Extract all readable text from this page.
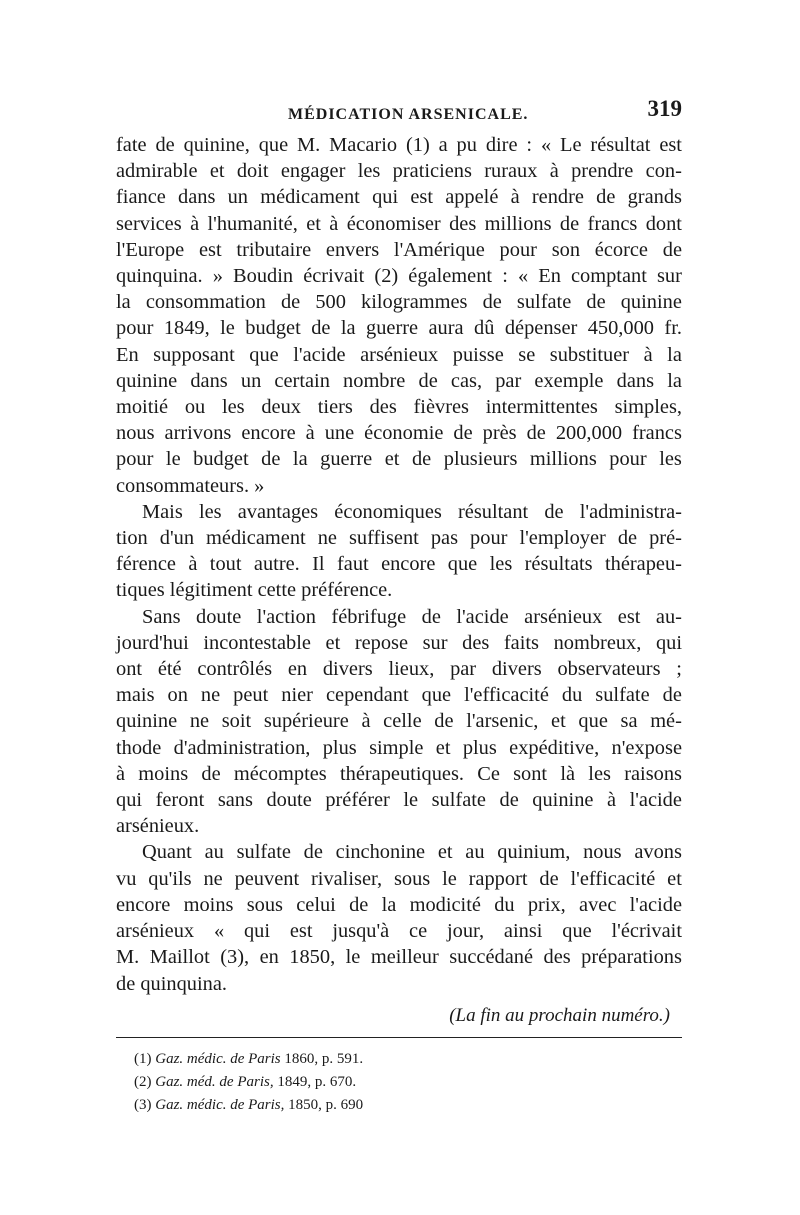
MÉDICATION ARSENICALE.	319

fate de quinine, que M. Macario (1) a pu dire : « Le résultat est
admirable et doit engager les praticiens ruraux à prendre con-
fiance dans un médicament qui est appelé à rendre de grands
services à l'humanité, et à économiser des millions de francs dont
l'Europe est tributaire envers l'Amérique pour son écorce de
quinquina. » Boudin écrivait (2) également : « En comptant sur
la consommation de 500 kilogrammes de sulfate de quinine
pour 1849, le budget de la guerre aura dû dépenser 450,000 fr.
En supposant que l'acide arsénieux puisse se substituer à la
quinine dans un certain nombre de cas, par exemple dans la
moitié ou les deux tiers des fièvres intermittentes simples,
nous arrivons encore à une économie de près de 200,000 francs
pour le budget de la guerre et de plusieurs millions pour les
consommateurs. »

Mais les avantages économiques résultant de l'administra-
tion d'un médicament ne suffisent pas pour l'employer de pré-
férence à tout autre. Il faut encore que les résultats thérapeu-
tiques légitiment cette préférence.

Sans doute l'action fébrifuge de l'acide arsénieux est au-
jourd'hui incontestable et repose sur des faits nombreux, qui
ont été contrôlés en divers lieux, par divers observateurs ;
mais on ne peut nier cependant que l'efficacité du sulfate de
quinine ne soit supérieure à celle de l'arsenic, et que sa mé-
thode d'administration, plus simple et plus expéditive, n'expose
à moins de mécomptes thérapeutiques. Ce sont là les raisons
qui feront sans doute préférer le sulfate de quinine à l'acide
arsénieux.

Quant au sulfate de cinchonine et au quinium, nous avons
vu qu'ils ne peuvent rivaliser, sous le rapport de l'efficacité et
encore moins sous celui de la modicité du prix, avec l'acide
arsénieux « qui est jusqu'à ce jour, ainsi que l'écrivait
M. Maillot (3), en 1850, le meilleur succédané des préparations
de quinquina.

(La fin au prochain numéro.)
(1) Gaz. médic. de Paris 1860, p. 591.
(2) Gaz. méd. de Paris, 1849, p. 670.
(3) Gaz. médic. de Paris, 1850, p. 690
